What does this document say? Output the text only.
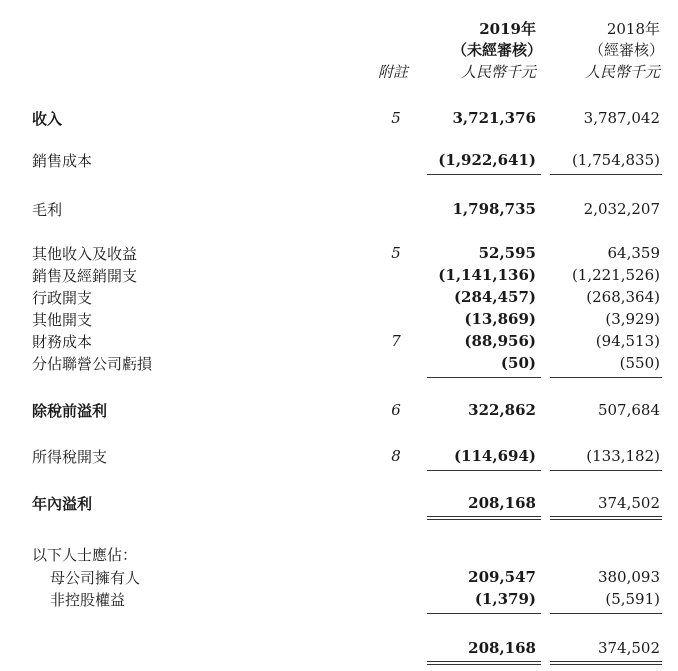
2019年
（未經審核）
人民幣千元
2018年
（經審核）
人民幣千元
附註
收入	5	3,721,376	3,787,042
銷售成本	(1,922,641) (1,754,835)
毛利	1,798,735	2,032,207
其他收入及收益	5	52,595	64,359
銷售及經銷開支	(1,141,136) (1,221,526)
行政開支	(284,457)	(268,364)
其他開支	(13,869)	(3,929)
財務成本	7	(88,956)	(94,513)
分佔聯營公司虧損	(50)	(550)
除稅前溢利	6	322,862	507,684
所得稅開支	8	(114,694)	(133,182)
年內溢利	208,168	374,502
以下人士應佔：
母公司擁有人	209,547	380,093
非控股權益	(1,379)	(5,591)
208,168	374,502
